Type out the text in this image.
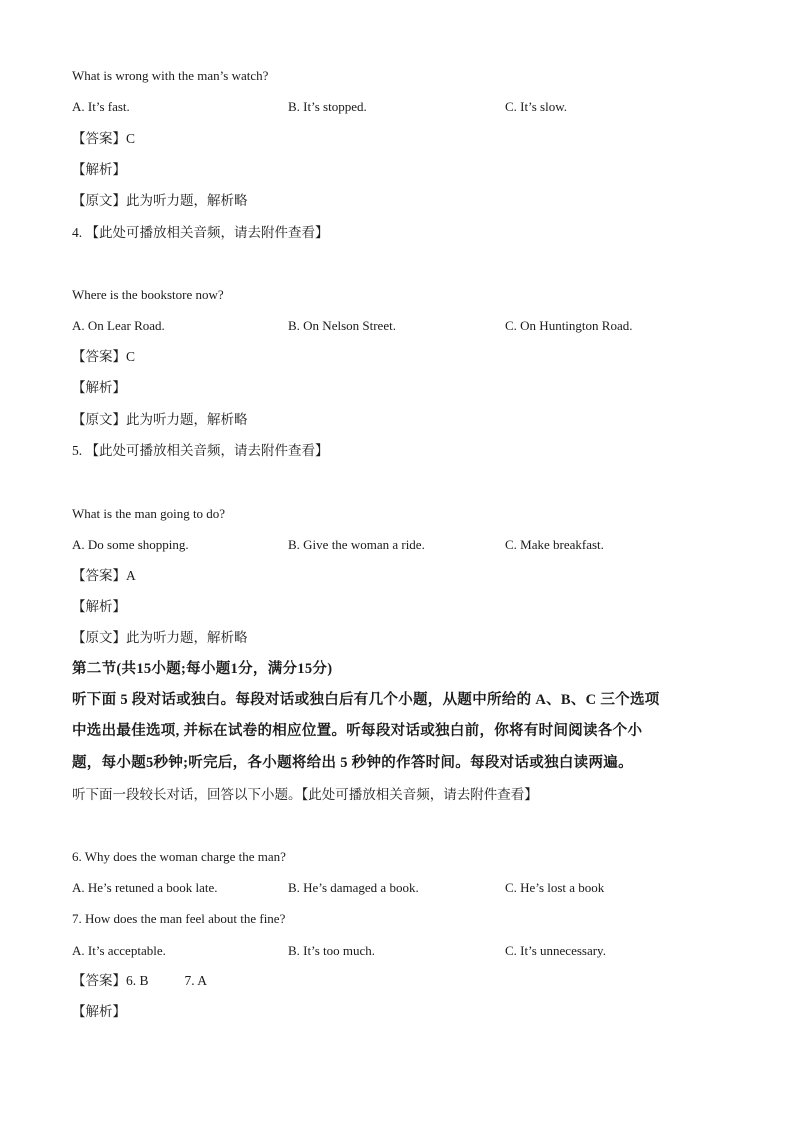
What is wrong with the man’s watch?
A. It’s fast.	B. It’s stopped.	C. It’s slow.
【答案】C
【解析】
【原文】此为听力题，解析略
4. 【此处可播放相关音频，请去附件查看】
Where is the bookstore now?
A. On Lear Road.	B. On Nelson Street.	C. On Huntington Road.
【答案】C
【解析】
【原文】此为听力题，解析略
5. 【此处可播放相关音频，请去附件查看】
What is the man going to do?
A. Do some shopping.	B. Give the woman a ride.	C. Make breakfast.
【答案】A
【解析】
【原文】此为听力题，解析略
第二节(共15小题;每小题1分，满分15分)
听下面 5 段对话或独白。每段对话或独白后有几个小题，从题中所给的 A、B、C 三个选项
中选出最佳选项, 并标在试卷的相应位置。听每段对话或独白前，你将有时间阅读各个小
题，每小题5秒钟;听完后，各小题将给出 5 秒钟的作答时间。每段对话或独白读两遍。
听下面一段较长对话，回答以下小题。【此处可播放相关音频，请去附件查看】
6. Why does the woman charge the man?
A. He’s retuned a book late.	B. He’s damaged a book.	C. He’s lost a book
7. How does the man feel about the fine?
A. It’s acceptable.	B. It’s too much.	C. It’s unnecessary.
【答案】6. B	7. A
【解析】
